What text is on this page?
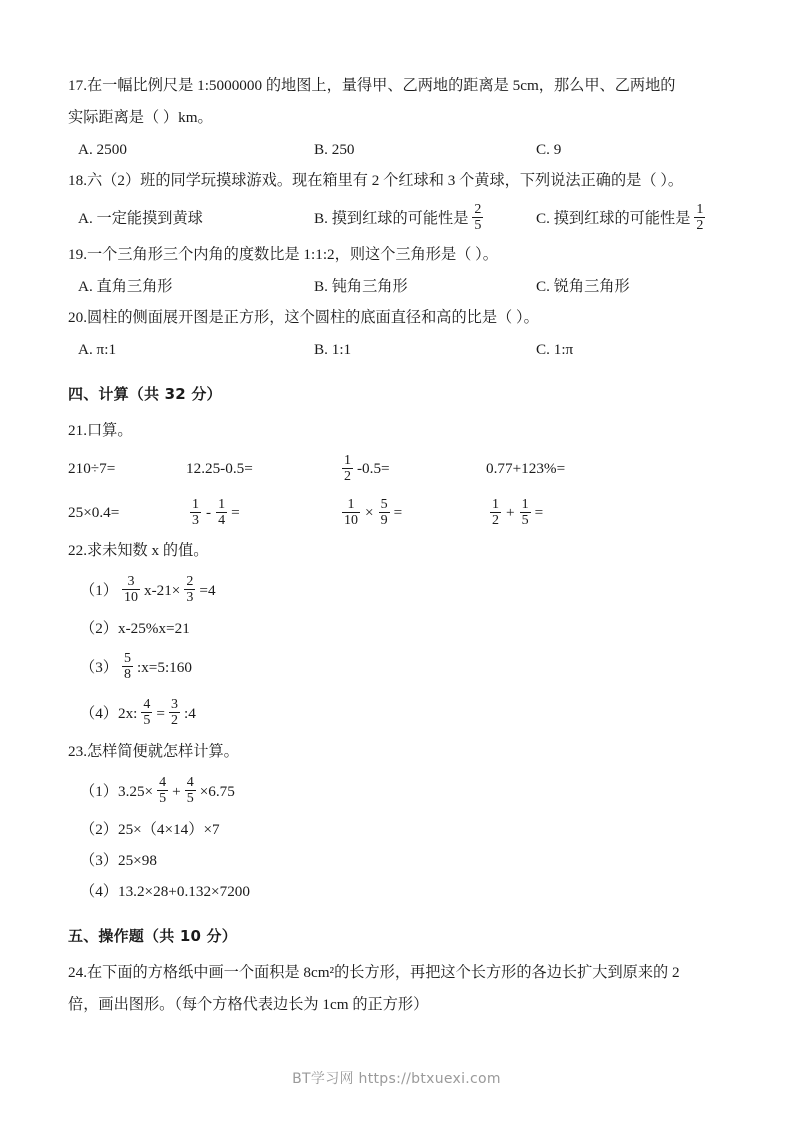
17.在一幅比例尺是 1:5000000 的地图上，量得甲、乙两地的距离是 5cm，那么甲、乙两地的

实际距离是（ ）km。

A. 2500	B. 250	C. 9

18.六（2）班的同学玩摸球游戏。现在箱里有 2 个红球和 3 个黄球，下列说法正确的是（ ）。

A. 一定能摸到黄球	B. 摸到红球的可能性是 $\frac{2}{5}$	C. 摸到红球的可能性是 $\frac{1}{2}$

19.一个三角形三个内角的度数比是 1:1:2，则这个三角形是（ ）。

A. 直角三角形	B. 钝角三角形	C. 锐角三角形

20.圆柱的侧面展开图是正方形，这个圆柱的底面直径和高的比是（ ）。

A. π:1	B. 1:1	C. 1:π
四、计算（共 32 分）

21.口算。

210÷7=	12.25-0.5=	$\frac{1}{2} -0.5=$	0.77+123%=
25×0.4=	$\frac{1}{3} - \frac{1}{4}$ =	$\frac{1}{10} \times \frac{5}{9}$ =	$\frac{1}{2} + \frac{1}{5}$ =

22.求未知数 x 的值。

$(1) \frac{3}{10} x-21\times \frac{2}{3} =4$
（2） x-25%x=21
$(3) \frac{5}{8}$ :x=5:160
（4）2x: $\frac{4}{5} = \frac{3}{2}$ :4

23.怎样简便就怎样计算。

$(1)3.25\times \frac{4}{5} + \frac{4}{5} \times 6.75$
（2）25×（4×14）×7
（3）25×98
（4）13.2×28+0.132×7200
五、操作题（共 10 分）

24.在下面的方格纸中画一个面积是 8cm²的长方形，再把这个长方形的各边长扩大到原来的 2

倍，画出图形。（每个方格代表边长为 1cm 的正方形）

BT学习网 https://btxuexi.com
